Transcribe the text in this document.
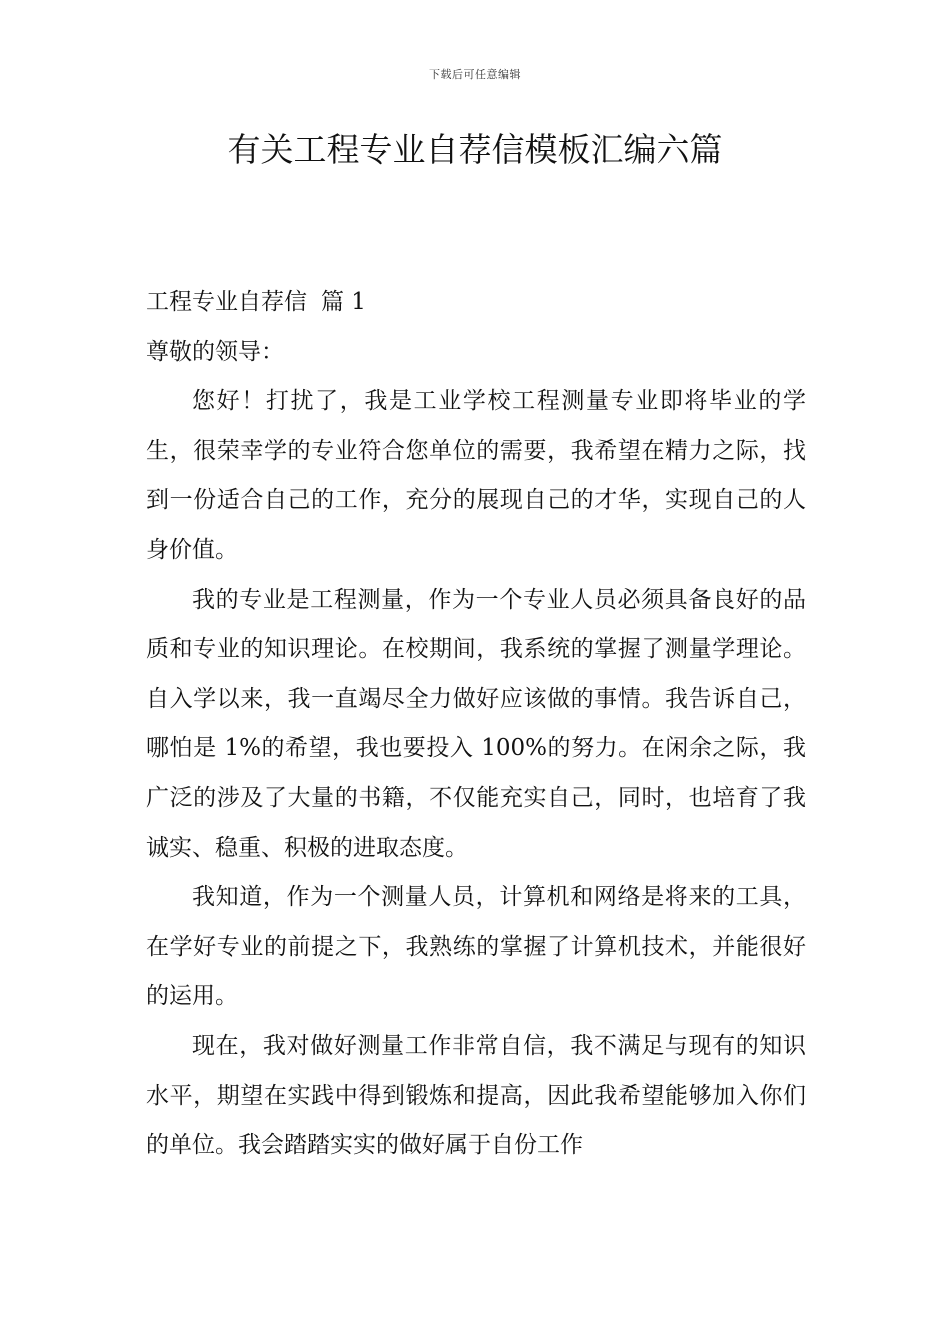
下载后可任意编辑
有关工程专业自荐信模板汇编六篇

工程专业自荐信 篇 1

尊敬的领导：

您好！打扰了，我是工业学校工程测量专业即将毕业的学生，很荣幸学的专业符合您单位的需要，我希望在精力之际，找到一份适合自己的工作，充分的展现自己的才华，实现自己的人身价值。

我的专业是工程测量，作为一个专业人员必须具备良好的品质和专业的知识理论。在校期间，我系统的掌握了测量学理论。自入学以来，我一直竭尽全力做好应该做的事情。我告诉自己，哪怕是 1%的希望，我也要投入 100%的努力。在闲余之际，我广泛的涉及了大量的书籍，不仅能充实自己，同时，也培育了我诚实、稳重、积极的进取态度。

我知道，作为一个测量人员，计算机和网络是将来的工具，在学好专业的前提之下，我熟练的掌握了计算机技术，并能很好的运用。

现在，我对做好测量工作非常自信，我不满足与现有的知识水平，期望在实践中得到锻炼和提高，因此我希望能够加入你们的单位。我会踏踏实实的做好属于自份工作
